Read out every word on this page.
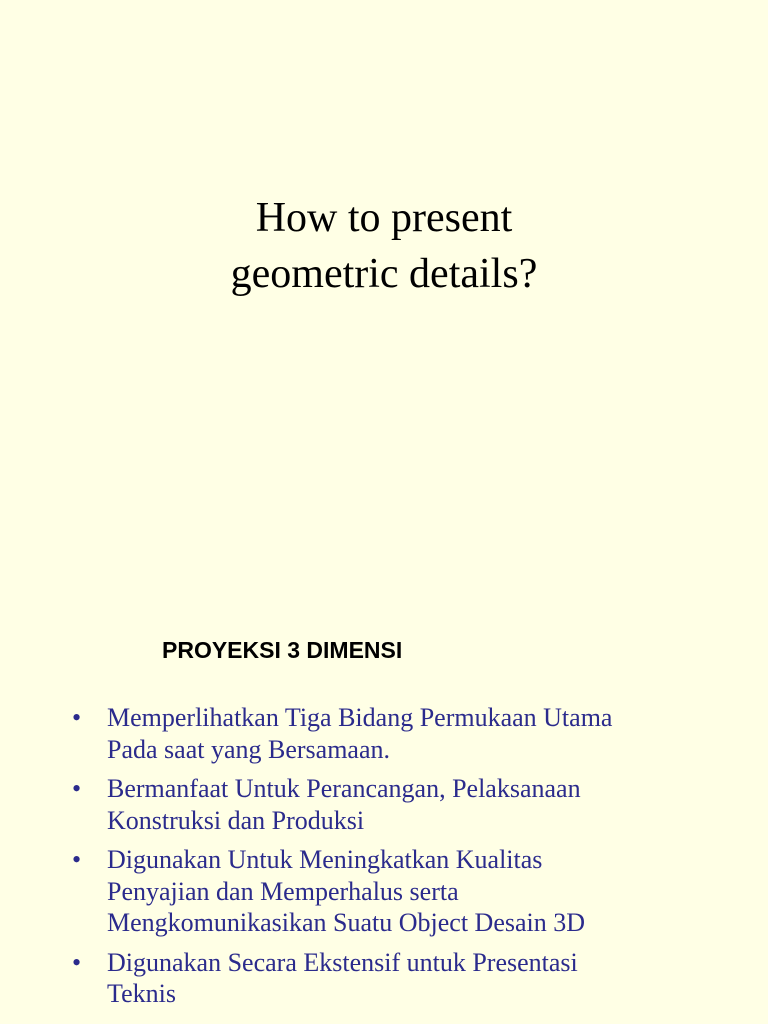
How to present
geometric details?
PROYEKSI 3 DIMENSI
• Memperlihatkan Tiga Bidang Permukaan Utama
Pada saat yang Bersamaan.
• Bermanfaat Untuk Perancangan, Pelaksanaan
Konstruksi dan Produksi
• Digunakan Untuk Meningkatkan Kualitas
Penyajian dan Memperhalus serta
Mengkomunikasikan Suatu Object Desain 3D
• Digunakan Secara Ekstensif untuk Presentasi
Teknis
